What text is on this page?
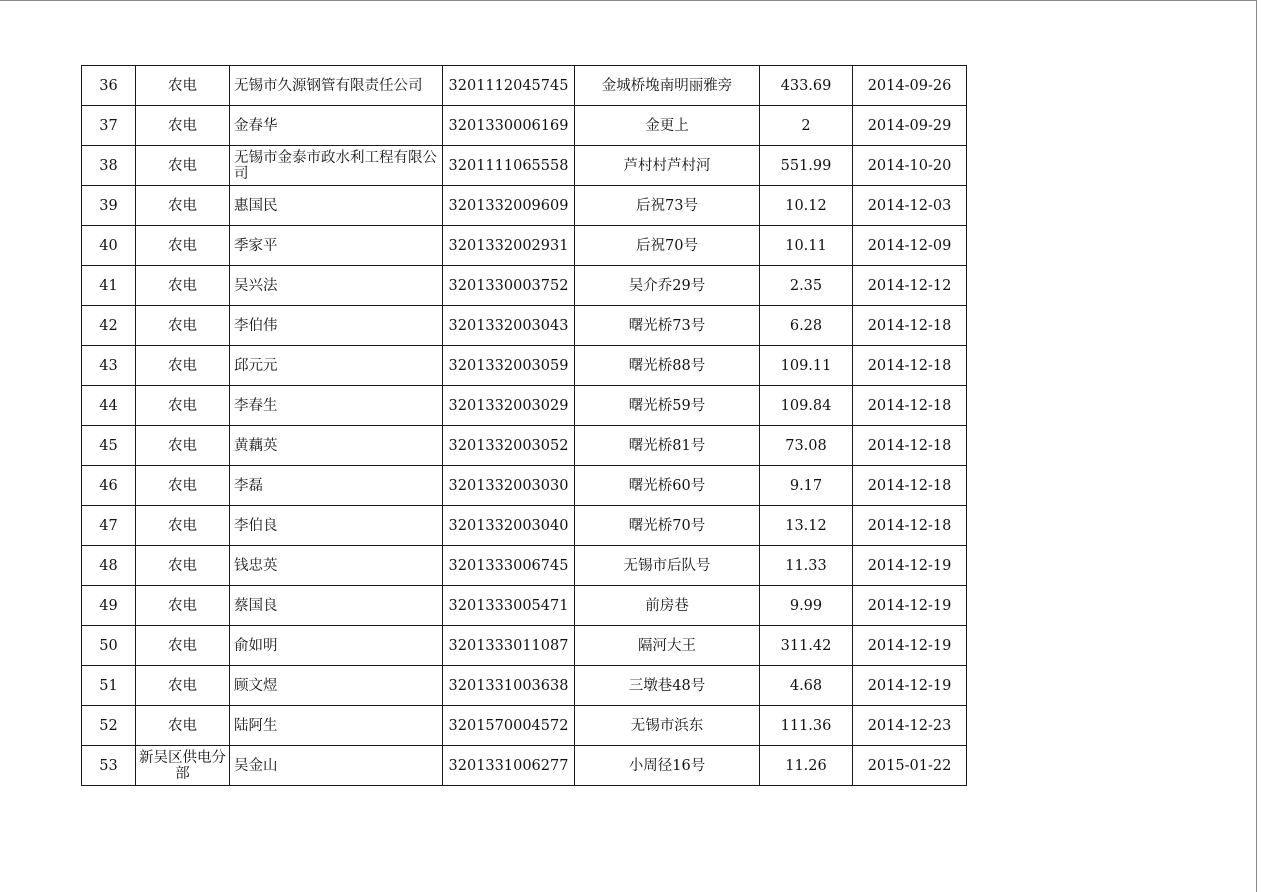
36	农电	无锡市久源钢管有限责任公司	3201112045745	金城桥堍南明丽雅旁	433.69	2014-09-26
37	农电	金春华	3201330006169	金更上	2	2014-09-29
38	农电	无锡市金泰市政水利工程有限公司	3201111065558	芦村村芦村河	551.99	2014-10-20
39	农电	惠国民	3201332009609	后祝73号	10.12	2014-12-03
40	农电	季家平	3201332002931	后祝70号	10.11	2014-12-09
41	农电	吴兴法	3201330003752	吴介乔29号	2.35	2014-12-12
42	农电	李伯伟	3201332003043	曙光桥73号	6.28	2014-12-18
43	农电	邱元元	3201332003059	曙光桥88号	109.11	2014-12-18
44	农电	李春生	3201332003029	曙光桥59号	109.84	2014-12-18
45	农电	黄藕英	3201332003052	曙光桥81号	73.08	2014-12-18
46	农电	李磊	3201332003030	曙光桥60号	9.17	2014-12-18
47	农电	李伯良	3201332003040	曙光桥70号	13.12	2014-12-18
48	农电	钱忠英	3201333006745	无锡市后队号	11.33	2014-12-19
49	农电	蔡国良	3201333005471	前房巷	9.99	2014-12-19
50	农电	俞如明	3201333011087	隔河大王	311.42	2014-12-19
51	农电	顾文煜	3201331003638	三墩巷48号	4.68	2014-12-19
52	农电	陆阿生	3201570004572	无锡市浜东	111.36	2014-12-23
53	新吴区供电分部	吴金山	3201331006277	小周径16号	11.26	2015-01-22
